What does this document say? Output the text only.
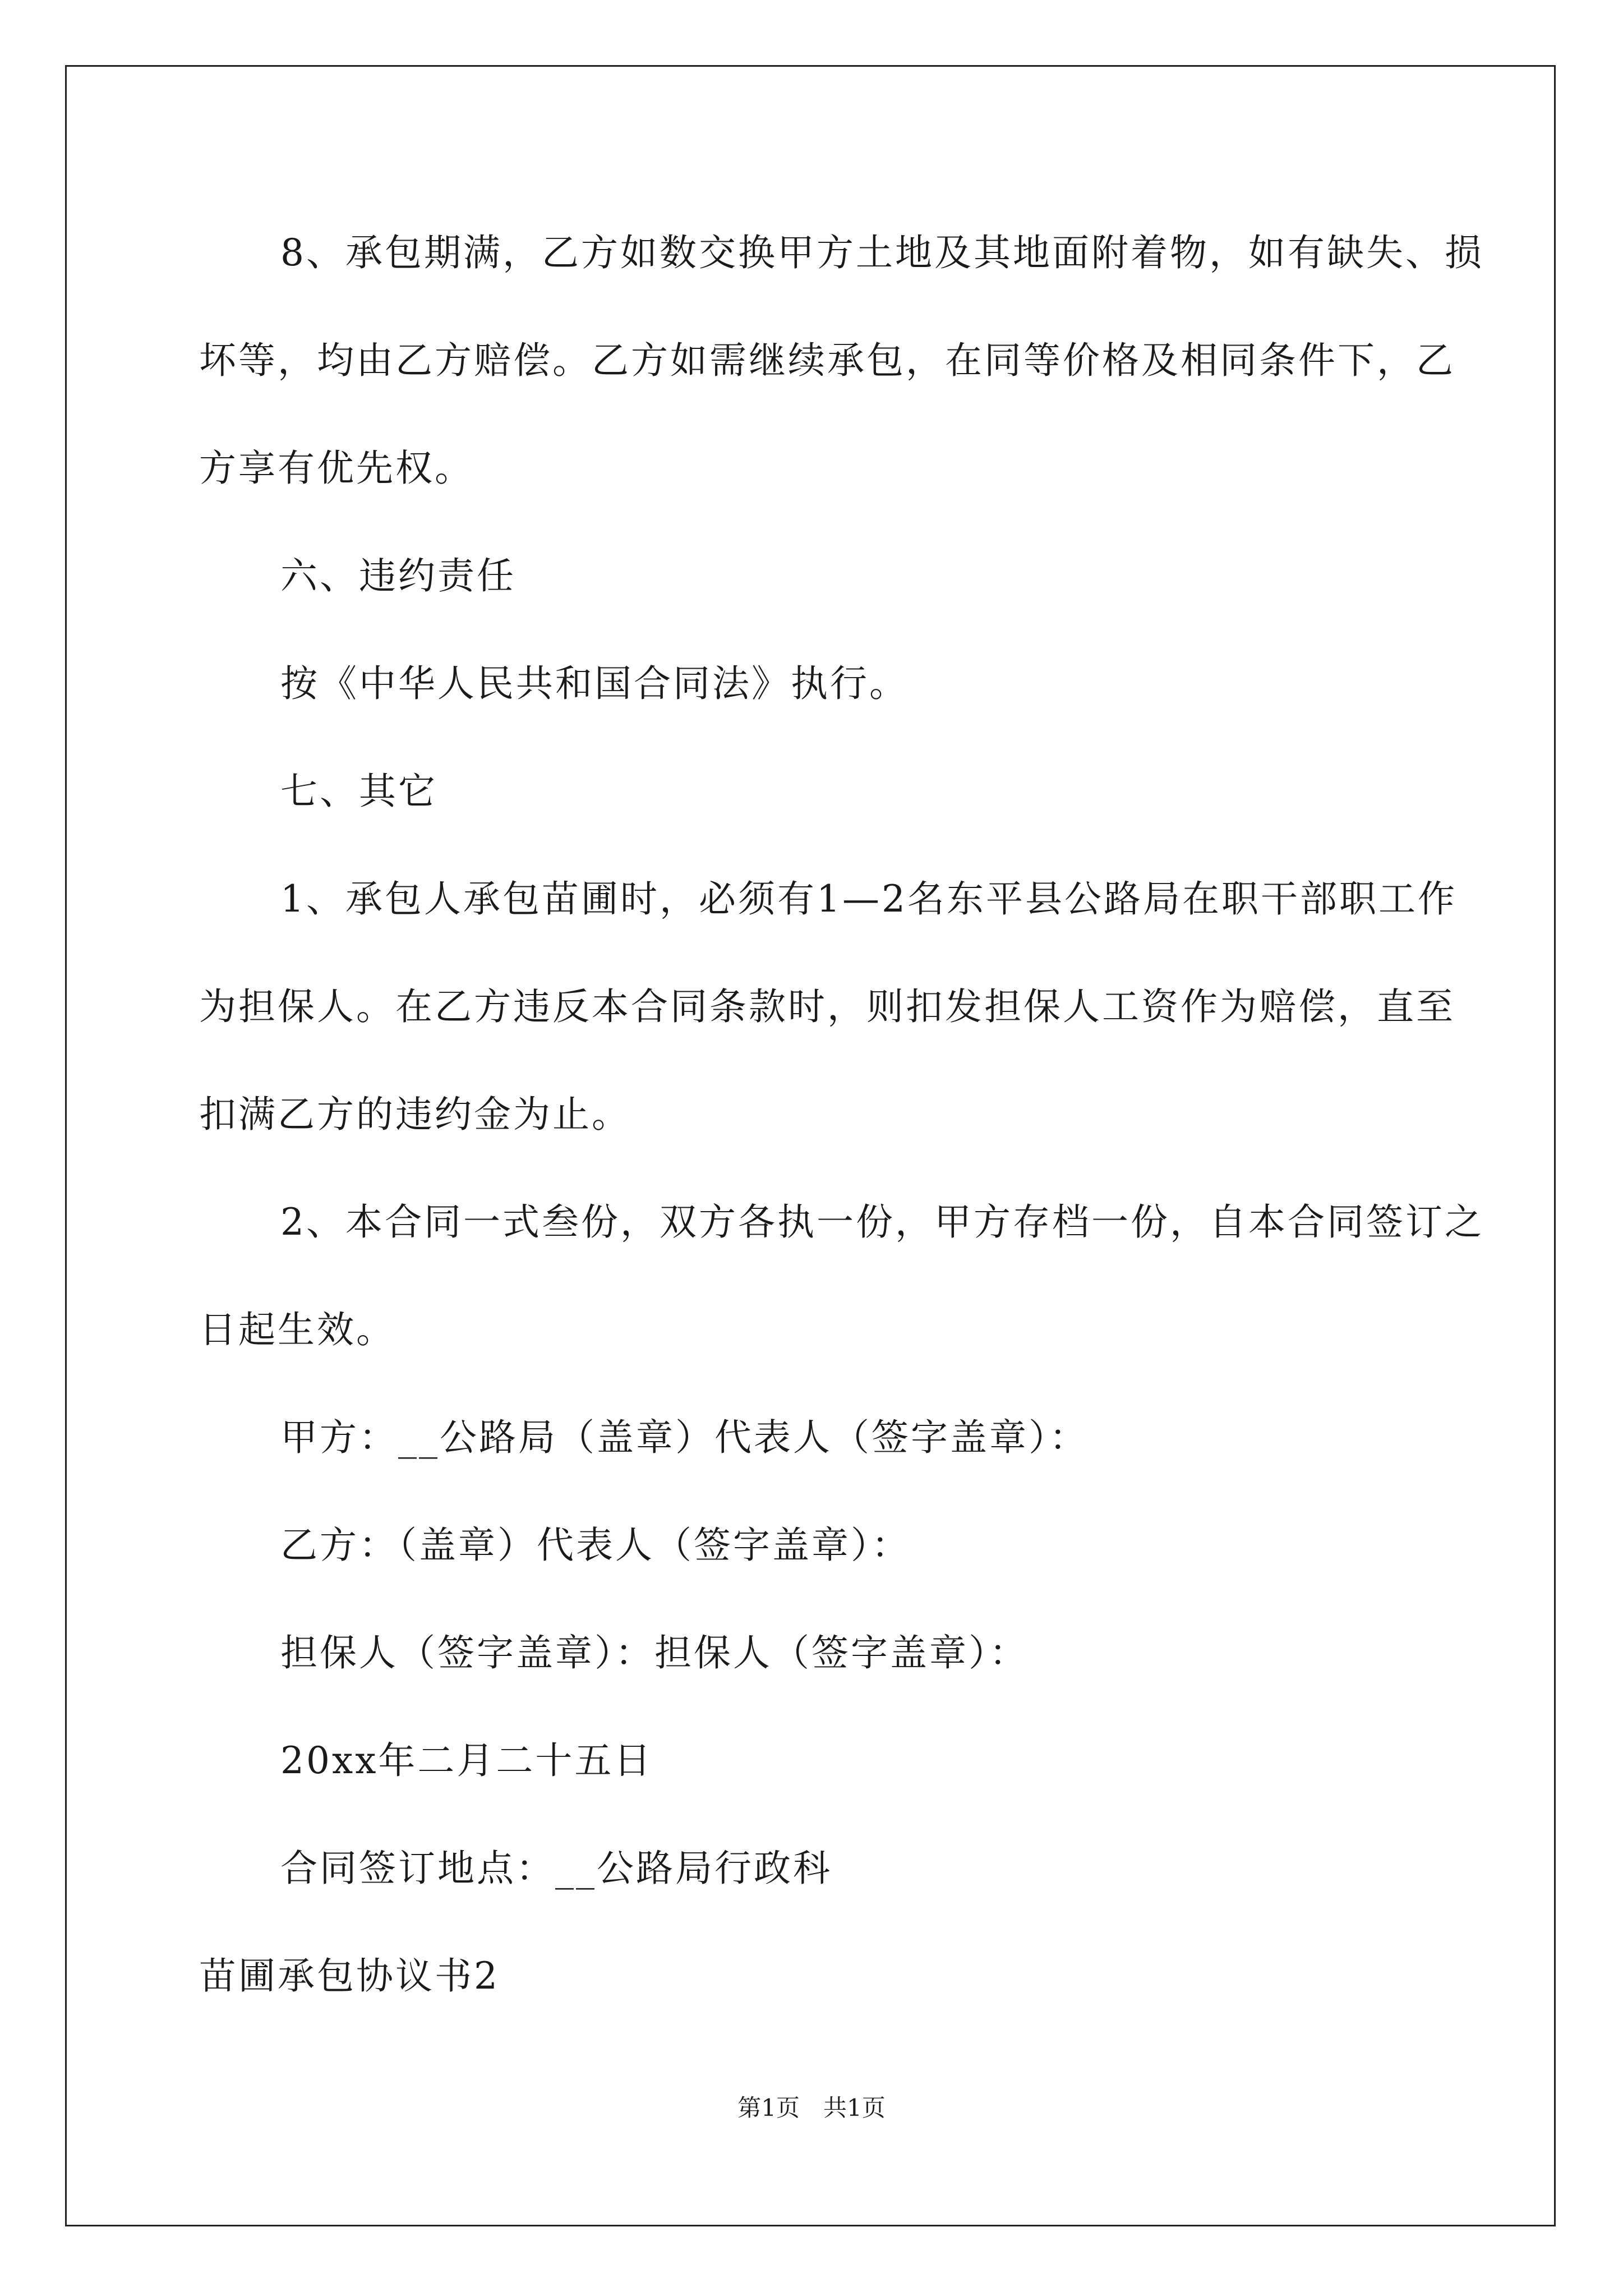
8、承包期满，乙方如数交换甲方土地及其地面附着物，如有缺失、损坏等，均由乙方赔偿。乙方如需继续承包，在同等价格及相同条件下，乙方享有优先权。

六、违约责任

按《中华人民共和国合同法》执行。

七、其它

1、承包人承包苗圃时，必须有1—2名东平县公路局在职干部职工作为担保人。在乙方违反本合同条款时，则扣发担保人工资作为赔偿，直至扣满乙方的违约金为止。

2、本合同一式叁份，双方各执一份，甲方存档一份，自本合同签订之日起生效。

甲方：__公路局（盖章）代表人（签字盖章）：

乙方：（盖章）代表人（签字盖章）：

担保人（签字盖章）：担保人（签字盖章）：

20xx年二月二十五日

合同签订地点：__公路局行政科

苗圃承包协议书2

第1页　共1页
